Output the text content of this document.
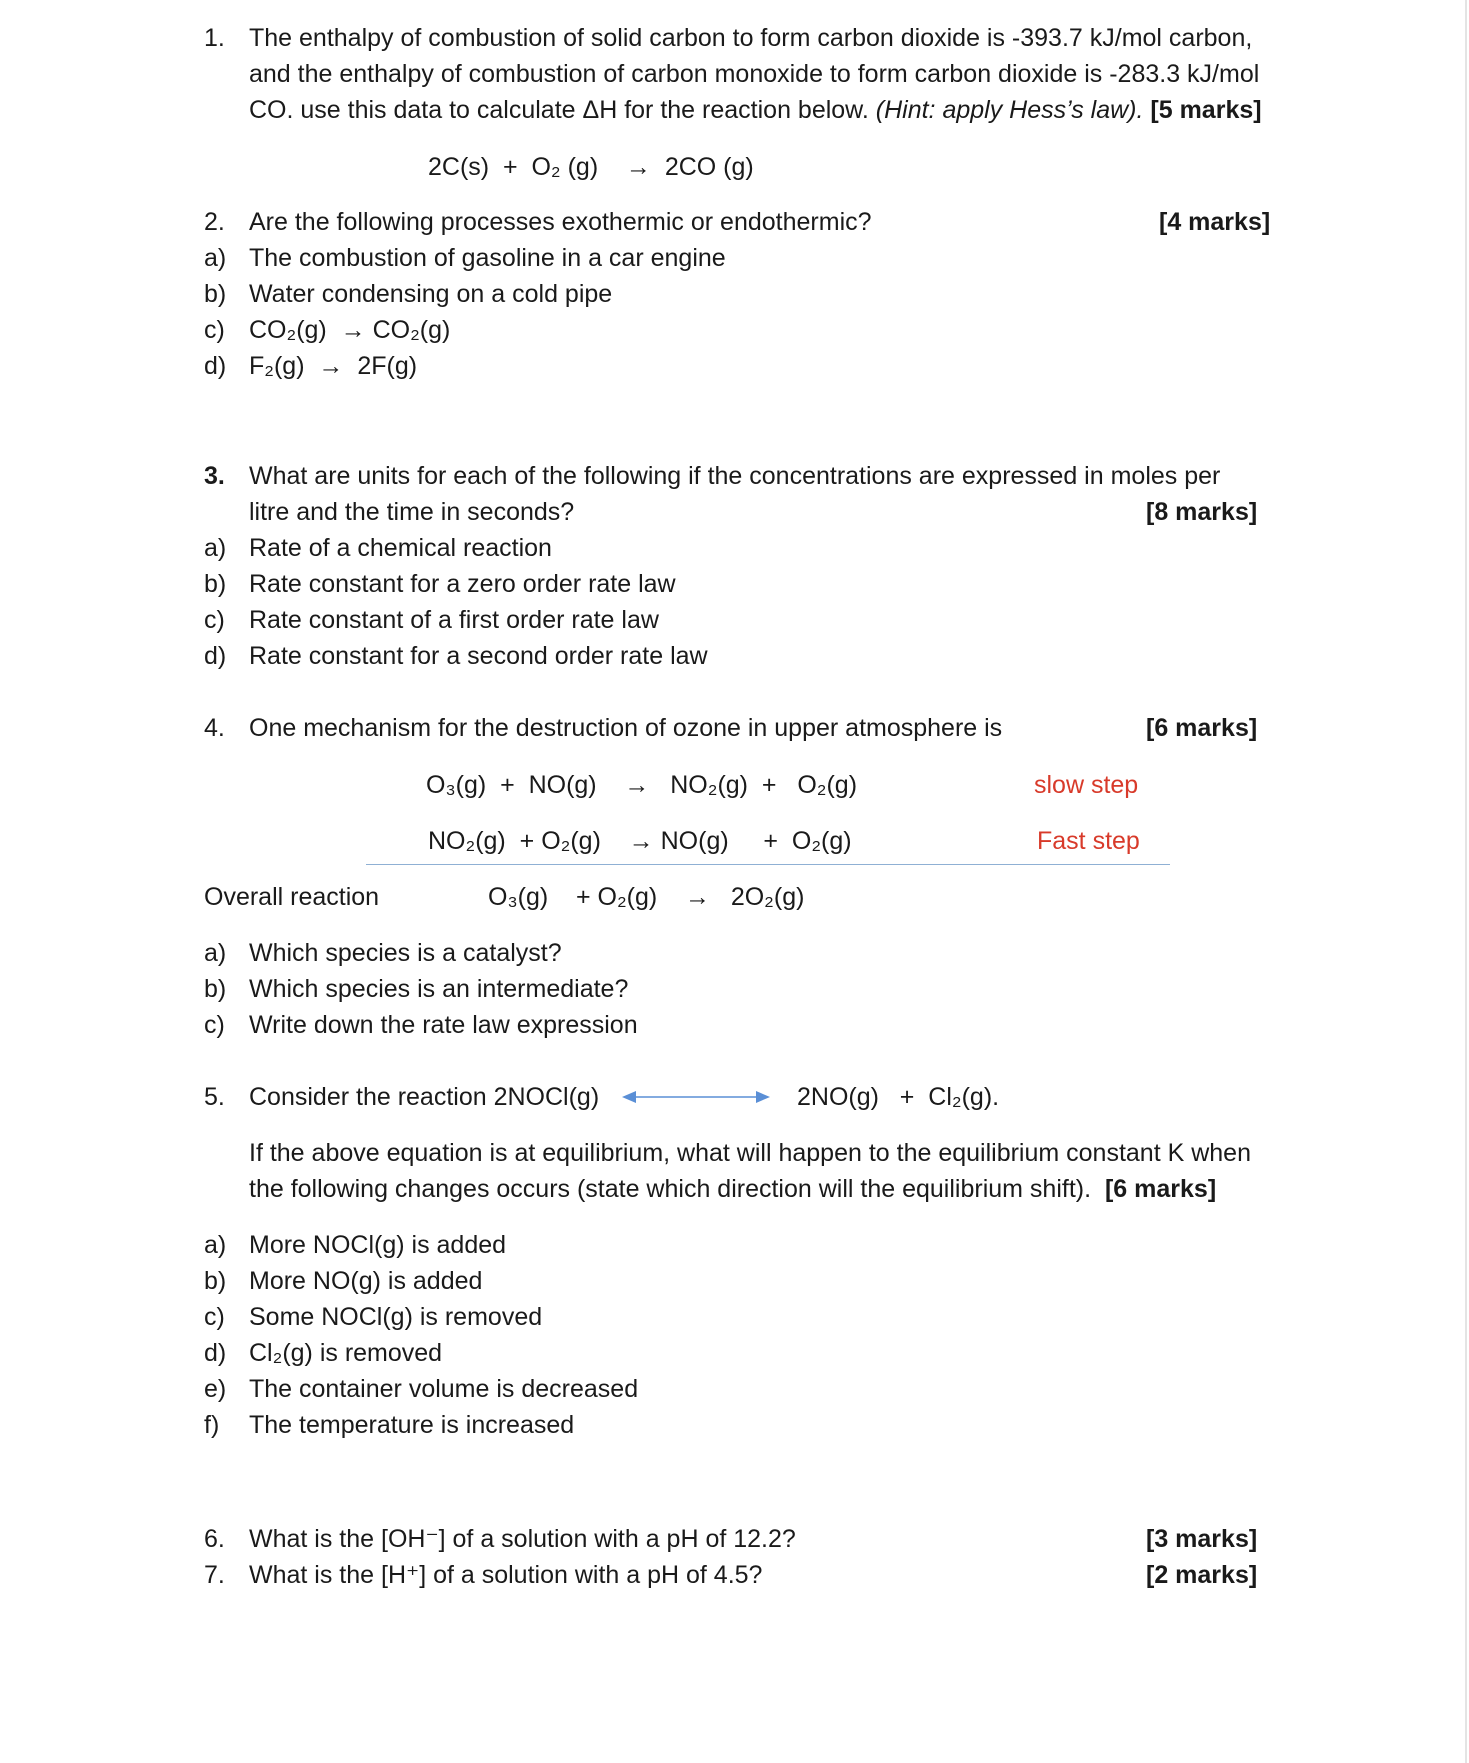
1. The enthalpy of combustion of solid carbon to form carbon dioxide is -393.7 kJ/mol carbon,
and the enthalpy of combustion of carbon monoxide to form carbon dioxide is -283.3 kJ/mol
CO. use this data to calculate ΔH for the reaction below. (Hint: apply Hess’s law). [5 marks]
2C(s)  +  O₂ (g)    →  2CO (g)
2. Are the following processes exothermic or endothermic?	[4 marks]
a) The combustion of gasoline in a car engine
b) Water condensing on a cold pipe
c) CO₂(g)  → CO₂(g)
d) F₂(g)  →  2F(g)
3. What are units for each of the following if the concentrations are expressed in moles per
litre and the time in seconds?	[8 marks]
a) Rate of a chemical reaction
b) Rate constant for a zero order rate law
c) Rate constant of a first order rate law
d) Rate constant for a second order rate law
4. One mechanism for the destruction of ozone in upper atmosphere is	[6 marks]
O₃(g)  +  NO(g)    →   NO₂(g)  +   O₂(g)	slow step
NO₂(g)  + O₂(g)    → NO(g)     +  O₂(g)	Fast step
Overall reaction	O₃(g)    + O₂(g)    →   2O₂(g)
a) Which species is a catalyst?
b) Which species is an intermediate?
c) Write down the rate law expression
5. Consider the reaction 2NOCl(g)	2NO(g)   +  Cl₂(g).
If the above equation is at equilibrium, what will happen to the equilibrium constant K when
the following changes occurs (state which direction will the equilibrium shift). [6 marks]
a) More NOCl(g) is added
b) More NO(g) is added
c) Some NOCl(g) is removed
d) Cl₂(g) is removed
e) The container volume is decreased
f) The temperature is increased
6. What is the [OH⁻] of a solution with a pH of 12.2?	[3 marks]
7. What is the [H⁺] of a solution with a pH of 4.5?	[2 marks]
